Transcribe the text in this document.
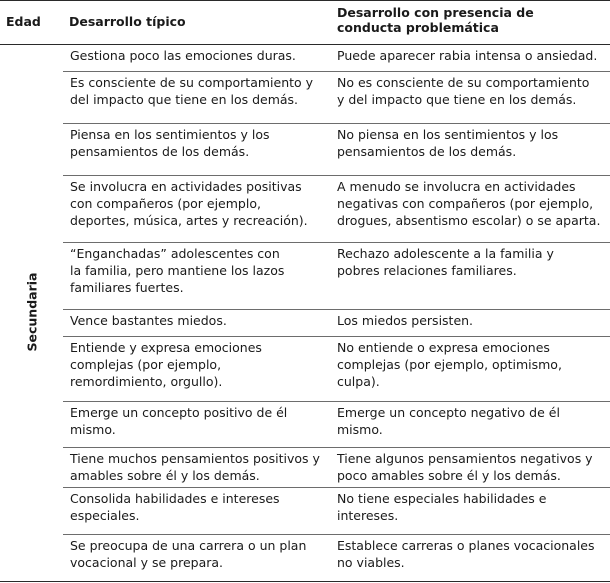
Edad Desarrollo típico
Desarrollo con presencia de
conducta problemática
Secundaria
Gestiona poco las emociones duras.	Puede aparecer rabia intensa o ansiedad.
Es consciente de su comportamiento y
del impacto que tiene en los demás.
No es consciente de su comportamiento
y del impacto que tiene en los demás.
Piensa en los sentimientos y los
pensamientos de los demás.
No piensa en los sentimientos y los
pensamientos de los demás.
Se involucra en actividades positivas
con compañeros (por ejemplo,
deportes, música, artes y recreación).
A menudo se involucra en actividades
negativas con compañeros (por ejemplo,
drogues, absentismo escolar) o se aparta.
“Enganchadas” adolescentes con
la familia, pero mantiene los lazos
familiares fuertes.
Rechazo adolescente a la familia y
pobres relaciones familiares.
Vence bastantes miedos.	Los miedos persisten.
Entiende y expresa emociones
complejas (por ejemplo,
remordimiento, orgullo).
No entiende o expresa emociones
complejas (por ejemplo, optimismo,
culpa).
Emerge un concepto positivo de él
mismo.
Emerge un concepto negativo de él
mismo.
Tiene muchos pensamientos positivos y
amables sobre él y los demás.
Tiene algunos pensamientos negativos y
poco amables sobre él y los demás.
Consolida habilidades e intereses
especiales.
No tiene especiales habilidades e
intereses.
Se preocupa de una carrera o un plan
vocacional y se prepara.
Establece carreras o planes vocacionales
no viables.
